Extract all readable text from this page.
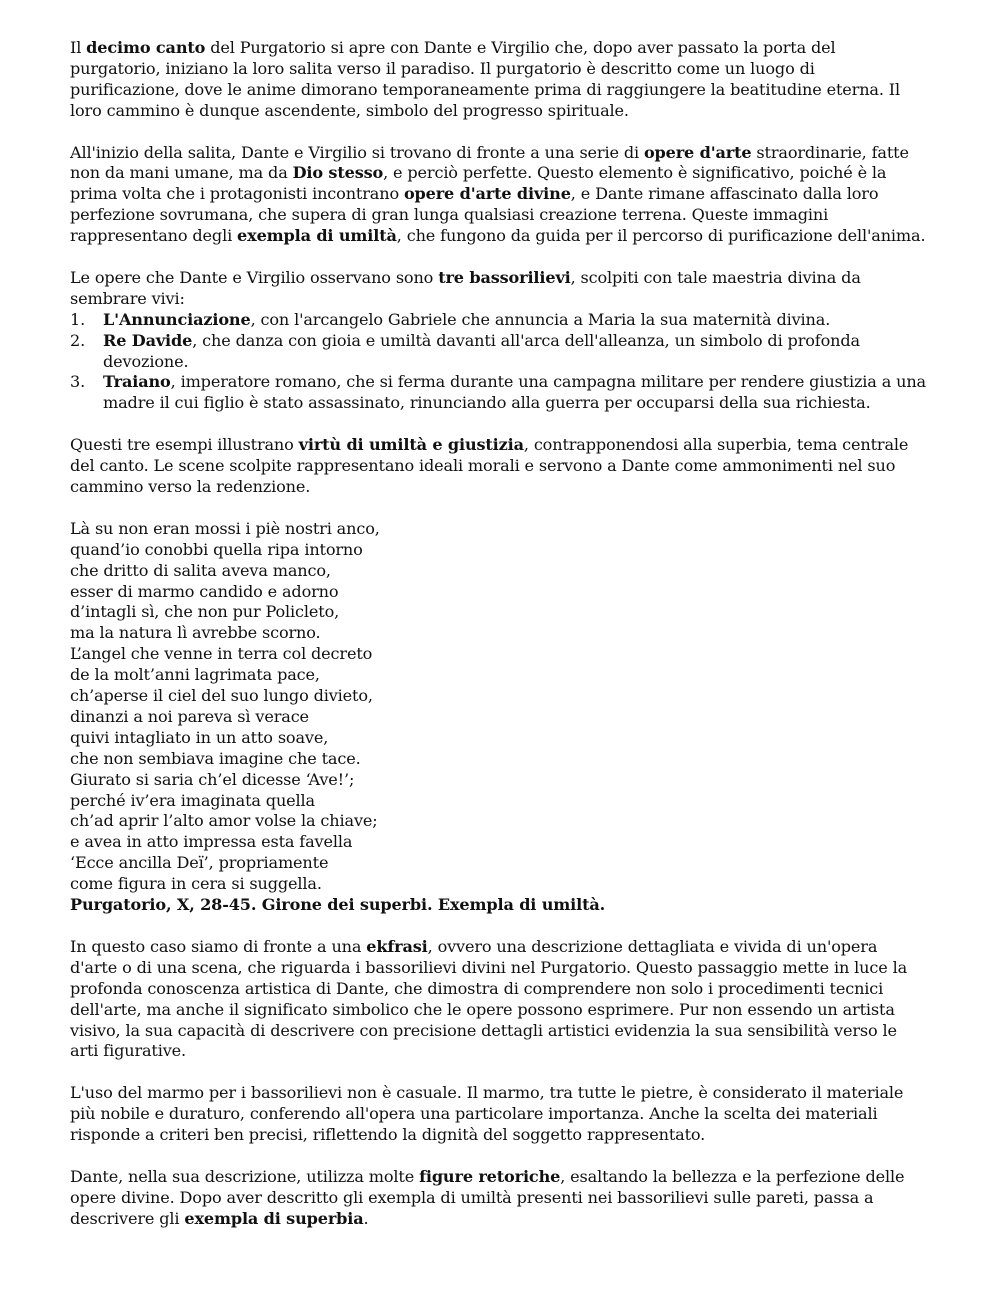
Il decimo canto del Purgatorio si apre con Dante e Virgilio che, dopo aver passato la porta del purgatorio, iniziano la loro salita verso il paradiso. Il purgatorio è descritto come un luogo di purificazione, dove le anime dimorano temporaneamente prima di raggiungere la beatitudine eterna. Il loro cammino è dunque ascendente, simbolo del progresso spirituale.

All'inizio della salita, Dante e Virgilio si trovano di fronte a una serie di opere d'arte straordinarie, fatte non da mani umane, ma da Dio stesso, e perciò perfette. Questo elemento è significativo, poiché è la prima volta che i protagonisti incontrano opere d'arte divine, e Dante rimane affascinato dalla loro perfezione sovrumana, che supera di gran lunga qualsiasi creazione terrena. Queste immagini rappresentano degli exempla di umiltà, che fungono da guida per il percorso di purificazione dell'anima.

Le opere che Dante e Virgilio osservano sono tre bassorilievi, scolpiti con tale maestria divina da sembrare vivi:

1. L'Annunciazione, con l'arcangelo Gabriele che annuncia a Maria la sua maternità divina.
2. Re Davide, che danza con gioia e umiltà davanti all'arca dell'alleanza, un simbolo di profonda devozione.
3. Traiano, imperatore romano, che si ferma durante una campagna militare per rendere giustizia a una madre il cui figlio è stato assassinato, rinunciando alla guerra per occuparsi della sua richiesta.

Questi tre esempi illustrano virtù di umiltà e giustizia, contrapponendosi alla superbia, tema centrale del canto. Le scene scolpite rappresentano ideali morali e servono a Dante come ammonimenti nel suo cammino verso la redenzione.

Là su non eran mossi i piè nostri anco,
quand’io conobbi quella ripa intorno
che dritto di salita aveva manco,
esser di marmo candido e adorno
d’intagli sì, che non pur Policleto,
ma la natura lì avrebbe scorno.
L’angel che venne in terra col decreto
de la molt’anni lagrimata pace,
ch’aperse il ciel del suo lungo divieto,
dinanzi a noi pareva sì verace
quivi intagliato in un atto soave,
che non sembiava imagine che tace.
Giurato si saria ch’el dicesse ‘Ave!’;
perché iv’era imaginata quella
ch’ad aprir l’alto amor volse la chiave;
e avea in atto impressa esta favella
‘Ecce ancilla Deï’, propriamente
come figura in cera si suggella.
Purgatorio, X, 28-45. Girone dei superbi. Exempla di umiltà.

In questo caso siamo di fronte a una ekfrasi, ovvero una descrizione dettagliata e vivida di un'opera d'arte o di una scena, che riguarda i bassorilievi divini nel Purgatorio. Questo passaggio mette in luce la profonda conoscenza artistica di Dante, che dimostra di comprendere non solo i procedimenti tecnici dell'arte, ma anche il significato simbolico che le opere possono esprimere. Pur non essendo un artista visivo, la sua capacità di descrivere con precisione dettagli artistici evidenzia la sua sensibilità verso le arti figurative.

L'uso del marmo per i bassorilievi non è casuale. Il marmo, tra tutte le pietre, è considerato il materiale più nobile e duraturo, conferendo all'opera una particolare importanza. Anche la scelta dei materiali risponde a criteri ben precisi, riflettendo la dignità del soggetto rappresentato.

Dante, nella sua descrizione, utilizza molte figure retoriche, esaltando la bellezza e la perfezione delle opere divine. Dopo aver descritto gli exempla di umiltà presenti nei bassorilievi sulle pareti, passa a descrivere gli exempla di superbia.
